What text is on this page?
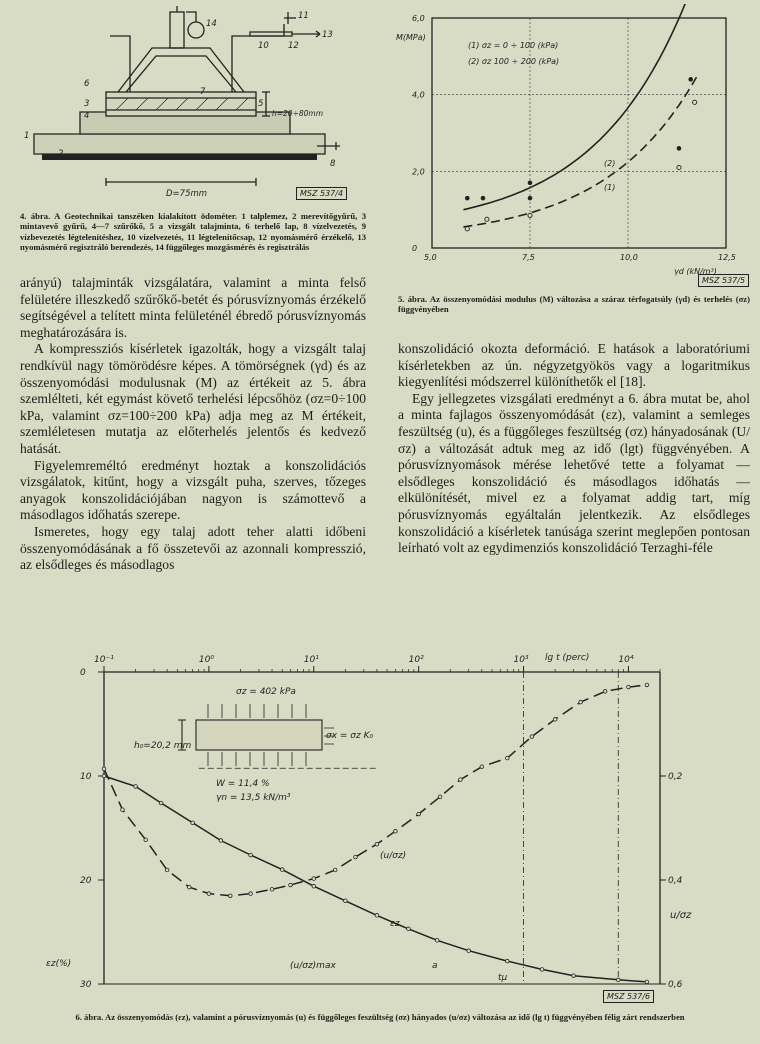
11
13
14
10 12
6
7
3
4
5
h=20÷80mm
1
2	4
8
D=75mm	MSZ 537/4
4. ábra. A Geotechnikai tanszéken kialakított ödométer. 1 talplemez, 2 merevítőgyűrű, 3 mintavevő gyűrű, 4—7 szűrőkő, 5 a vizsgált talajminta, 6 terhelő lap, 8 vízelvezetés, 9 vízbevezetés légtelenítéshez, 10 vízelvezetés, 11 légtelenítőcsap, 12 nyomásmérő érzékelő, 13 nyomásmérő regisztráló berendezés, 14 függőleges mozgásmérés és regisztrálás
M(MPa)
(1) σz = 0 ÷ 100 (kPa)
(2) σz 100 ÷ 200 (kPa)
γd (kN/m³)
(2)
(1)
5,0	7,5	10,0	12,5
0
2,0
4,0
6,0
MSZ 537/5
5. ábra. Az összenyomódási modulus (M) változása a száraz térfogatsúly (γd) és terhelés (σz) függvényében

arányú) talajminták vizsgálatára, valamint a minta felső felületére illeszkedő szűrőkő-betét és pórusvíznyomás érzékelő segítségével a telített minta felületénél ébredő pórusvíznyomás meghatározására is.

A kompressziós kísérletek igazolták, hogy a vizsgált talaj rendkívül nagy tömörödésre képes. A tömörségnek (γd) és az összenyomódási modulusnak (M) az értékeit az 5. ábra szemlélteti, két egymást követő terhelési lépcsőhöz (σz=0÷100 kPa, valamint σz=100÷200 kPa) adja meg az M értékeit, szemléletesen mutatja az előterhelés jelentős és kedvező hatását.

Figyelemreméltó eredményt hoztak a konszolidációs vizsgálatok, kitűnt, hogy a vizsgált puha, szerves, tőzeges anyagok konszolidációjában nagyon is számottevő a másodlagos időhatás szerepe.

Ismeretes, hogy egy talaj adott teher alatti időbeni összenyomódásának a fő összetevői az azonnali kompresszió, az elsődleges és másodlagos

konszolidáció okozta deformáció. E hatások a laboratóriumi kísérletekben az ún. négyzetgyökös vagy a logaritmikus kiegyenlítési módszerrel különíthetők el [18].

Egy jellegzetes vizsgálati eredményt a 6. ábra mutat be, ahol a minta fajlagos összenyomódását (εz), valamint a semleges feszültség (u), és a függőleges feszültség (σz) hányadosának (U/σz) a változását adtuk meg az idő (lgt) függvényében. A pórusvíznyomások mérése lehetővé tette a folyamat — elsődleges konszolidáció és másodlagos időhatás — elkülönítését, mivel ez a folyamat addig tart, míg pórusvíznyomás egyáltalán jelentkezik. Az elsődleges konszolidáció a kísérletek tanúsága szerint meglepően pontosan leírható volt az egydimenziós konszolidáció Terzaghi-féle

lg t (perc)
εz(%)
u/σz
σz = 402 kPa
h₀=20,2 mm
σx = σz K₀
W = 11,4 %
γn = 13,5 kN/m³
(u/σz)
εz
(u/σz)max	a
tμ
10⁻¹	10⁰	10¹	10²	10³	10⁴
0
10
20
30
0,2
0,4
0,6
MSZ 537/6
6. ábra. Az összenyomódás (εz), valamint a pórusvíznyomás (u) és függőleges feszültség (σz) hányados (u/σz) változása az idő (lg t) függvényében félig zárt rendszerben
